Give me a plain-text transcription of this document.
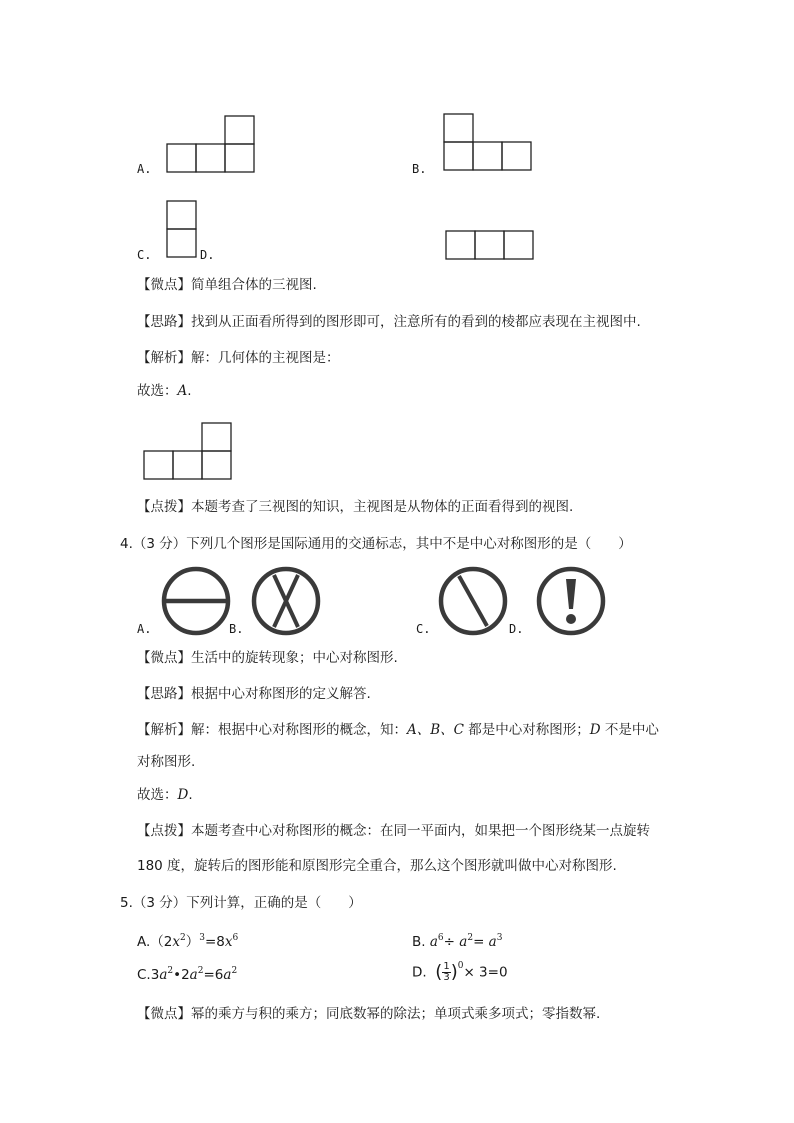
A.	B.
C.	D.
【微点】简单组合体的三视图.
【思路】找到从正面看所得到的图形即可，注意所有的看到的棱都应表现在主视图中.
【解析】解：几何体的主视图是：
故选：A.
【点拨】本题考查了三视图的知识，主视图是从物体的正面看得到的视图.
4.（3 分）下列几个图形是国际通用的交通标志，其中不是中心对称图形的是（　　）
A.	B.	C.	D.
【微点】生活中的旋转现象；中心对称图形.
【思路】根据中心对称图形的定义解答.
【解析】解：根据中心对称图形的概念，知：A、B、C 都是中心对称图形；D 不是中心
对称图形.
故选：D.
【点拨】本题考查中心对称图形的概念：在同一平面内，如果把一个图形绕某一点旋转
180 度，旋转后的图形能和原图形完全重合，那么这个图形就叫做中心对称图形.
5.（3 分）下列计算，正确的是（　　）
$A.(2x^2)^3=8x^6$	B. $a^6\div a^2= a^3$
$C.3a^2•2a^2=6a^2$	D. ( $\frac{1}{3} )^0\times 3=0$
【微点】幂的乘方与积的乘方；同底数幂的除法；单项式乘多项式；零指数幂.
